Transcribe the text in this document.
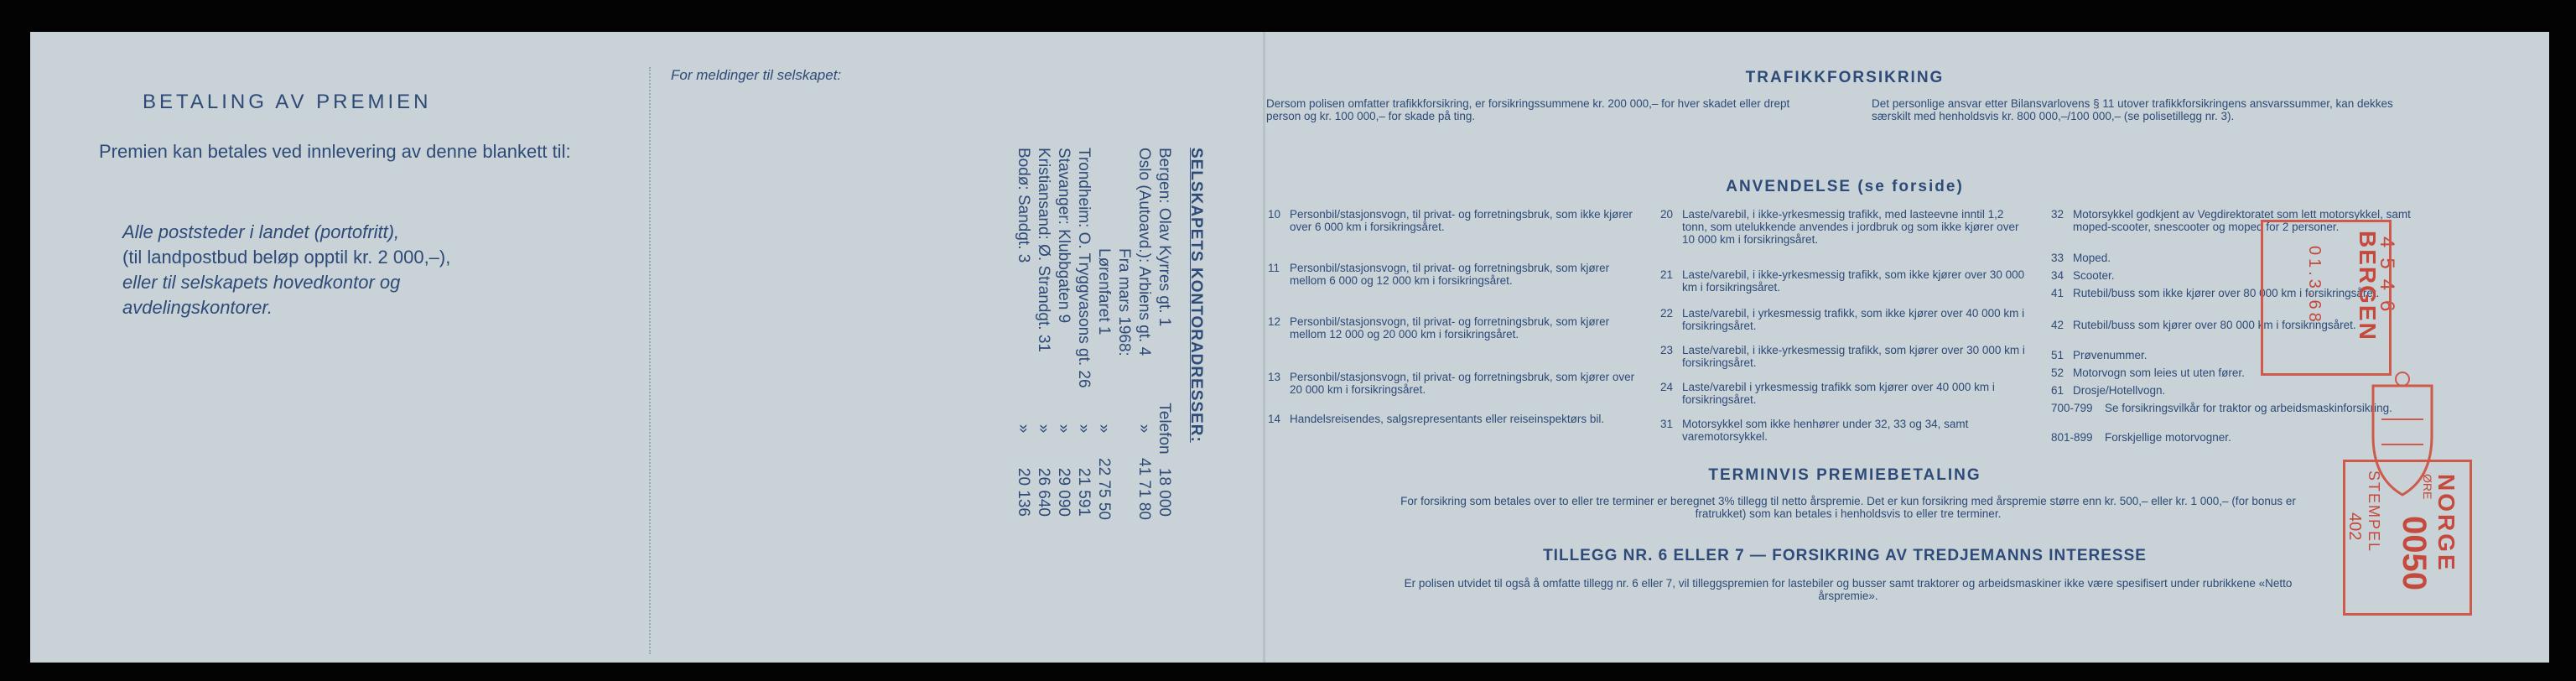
BETALING AV PREMIEN
Premien kan betales ved innlevering av denne blankett til:
Alle poststeder i landet (portofritt),
(til landpostbud beløp opptil kr. 2 000,–),
eller til selskapets hovedkontor og
avdelingskontorer.
For meldinger til selskapet:
SELSKAPETS KONTORADRESSER:
Bergen: Olav Kyrres gt. 1
Telefon
18 000
Oslo (Autoavd.): Arbiens gt. 4
»
41 71 80
Fra mars 1968:
Lørenfaret 1
»
22 75 50
Trondheim: O. Tryggvasons gt. 26
»
21 591
Stavanger: Klubbgaten 9
»
29 090
Kristiansand: Ø. Strandgt. 31
»
26 640
Bodø: Sandgt. 3
»
20 136
TRAFIKKFORSIKRING
Dersom polisen omfatter trafikkforsikring, er forsikringssummene kr. 200 000,– for hver skadet eller drept person og kr. 100 000,– for skade på ting.
Det personlige ansvar etter Bilansvarlovens § 11 utover trafikkforsikringens ansvarssummer, kan dekkes særskilt med henholdsvis kr. 800 000,–/100 000,– (se polisetillegg nr. 3).
ANVENDELSE (se forside)
10 Personbil/stasjonsvogn, til privat- og forretningsbruk, som ikke kjører over 6 000 km i forsikringsåret.
11 Personbil/stasjonsvogn, til privat- og forretningsbruk, som kjører mellom 6 000 og 12 000 km i forsikringsåret.
12 Personbil/stasjonsvogn, til privat- og forretningsbruk, som kjører mellom 12 000 og 20 000 km i forsikringsåret.
13 Personbil/stasjonsvogn, til privat- og forretningsbruk, som kjører over 20 000 km i forsikringsåret.
14 Handelsreisendes, salgsrepresentants eller reiseinspektørs bil.
20 Laste/varebil, i ikke-yrkesmessig trafikk, med lasteevne inntil 1,2 tonn, som utelukkende anvendes i jordbruk og som ikke kjører over 10 000 km i forsikringsåret.
21 Laste/varebil, i ikke-yrkesmessig trafikk, som ikke kjører over 30 000 km i forsikringsåret.
22 Laste/varebil, i yrkesmessig trafikk, som ikke kjører over 40 000 km i forsikringsåret.
23 Laste/varebil, i ikke-yrkesmessig trafikk, som kjører over 30 000 km i forsikringsåret.
24 Laste/varebil i yrkesmessig trafikk som kjører over 40 000 km i forsikringsåret.
31 Motorsykkel som ikke henhører under 32, 33 og 34, samt varemotorsykkel.
32 Motorsykkel godkjent av Vegdirektoratet som lett motorsykkel, samt moped-scooter, snescooter og moped for 2 personer.
33 Moped.
34 Scooter.
41 Rutebil/buss som ikke kjører over 80 000 km i forsikringsåret.
42 Rutebil/buss som kjører over 80 000 km i forsikringsåret.
51 Prøvenummer.
52 Motorvogn som leies ut uten fører.
61 Drosje/Hotellvogn.
700-799	Se forsikringsvilkår for traktor og arbeidsmaskinforsikring.
801-899	Forskjellige motorvogner.
TERMINVIS PREMIEBETALING
For forsikring som betales over to eller tre terminer er beregnet 3% tillegg til netto årspremie. Det er kun forsikring med årspremie større enn kr. 500,– eller kr. 1 000,– (for bonus er fratrukket) som kan betales i henholdsvis to eller tre terminer.
TILLEGG NR. 6 ELLER 7 — FORSIKRING AV TREDJEMANNS INTERESSE
Er polisen utvidet til også å omfatte tillegg nr. 6 eller 7, vil tilleggspremien for lastebiler og busser samt traktorer og arbeidsmaskiner ikke være spesifisert under rubrikkene «Netto årspremie».
4546
BERGEN
01.3.68
NORGE
ØRE
0050
STEMPEL
402
